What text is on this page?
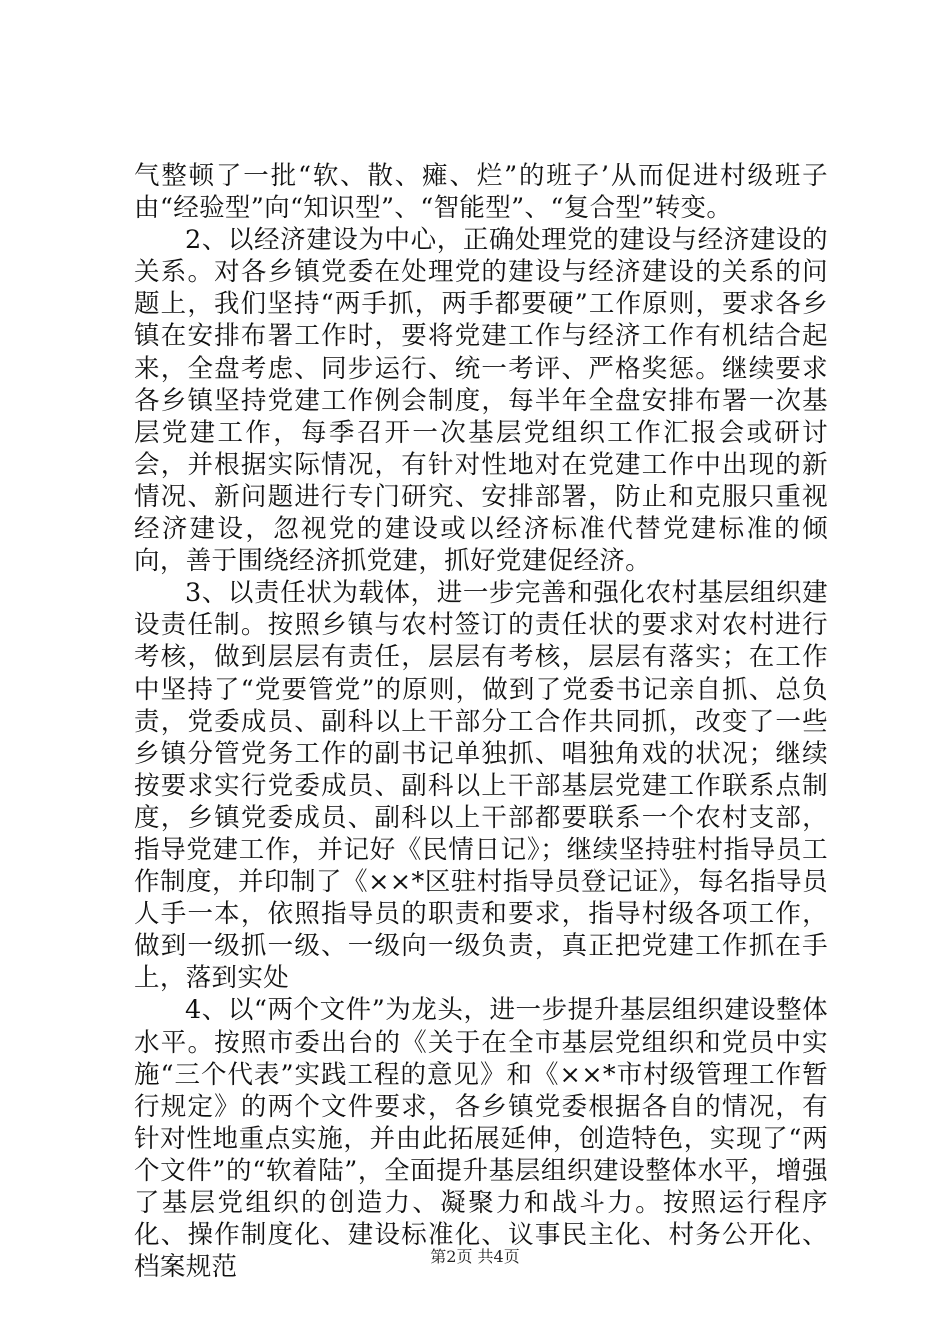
气整顿了一批“软、散、瘫、烂”的班子’从而促进村级班子由“经验型”向“知识型”、“智能型”、“复合型”转变。

2、以经济建设为中心，正确处理党的建设与经济建设的关系。对各乡镇党委在处理党的建设与经济建设的关系的问题上，我们坚持“两手抓，两手都要硬”工作原则，要求各乡镇在安排布署工作时，要将党建工作与经济工作有机结合起来，全盘考虑、同步运行、统一考评、严格奖惩。继续要求各乡镇坚持党建工作例会制度，每半年全盘安排布署一次基层党建工作，每季召开一次基层党组织工作汇报会或研讨会，并根据实际情况，有针对性地对在党建工作中出现的新情况、新问题进行专门研究、安排部署，防止和克服只重视经济建设，忽视党的建设或以经济标准代替党建标准的倾向，善于围绕经济抓党建，抓好党建促经济。

3、以责任状为载体，进一步完善和强化农村基层组织建设责任制。按照乡镇与农村签订的责任状的要求对农村进行考核，做到层层有责任，层层有考核，层层有落实；在工作中坚持了“党要管党”的原则，做到了党委书记亲自抓、总负责，党委成员、副科以上干部分工合作共同抓，改变了一些乡镇分管党务工作的副书记单独抓、唱独角戏的状况；继续按要求实行党委成员、副科以上干部基层党建工作联系点制度，乡镇党委成员、副科以上干部都要联系一个农村支部，指导党建工作，并记好《民情日记》；继续坚持驻村指导员工作制度，并印制了《××*区驻村指导员登记证》，每名指导员人手一本，依照指导员的职责和要求，指导村级各项工作，做到一级抓一级、一级向一级负责，真正把党建工作抓在手上，落到实处

4、以“两个文件”为龙头，进一步提升基层组织建设整体水平。按照市委出台的《关于在全市基层党组织和党员中实施“三个代表”实践工程的意见》和《××*市村级管理工作暂行规定》的两个文件要求，各乡镇党委根据各自的情况，有针对性地重点实施，并由此拓展延伸，创造特色，实现了“两个文件”的“软着陆”，全面提升基层组织建设整体水平，增强了基层党组织的创造力、凝聚力和战斗力。按照运行程序化、操作制度化、建设标准化、议事民主化、村务公开化、档案规范	第2页 共4页
